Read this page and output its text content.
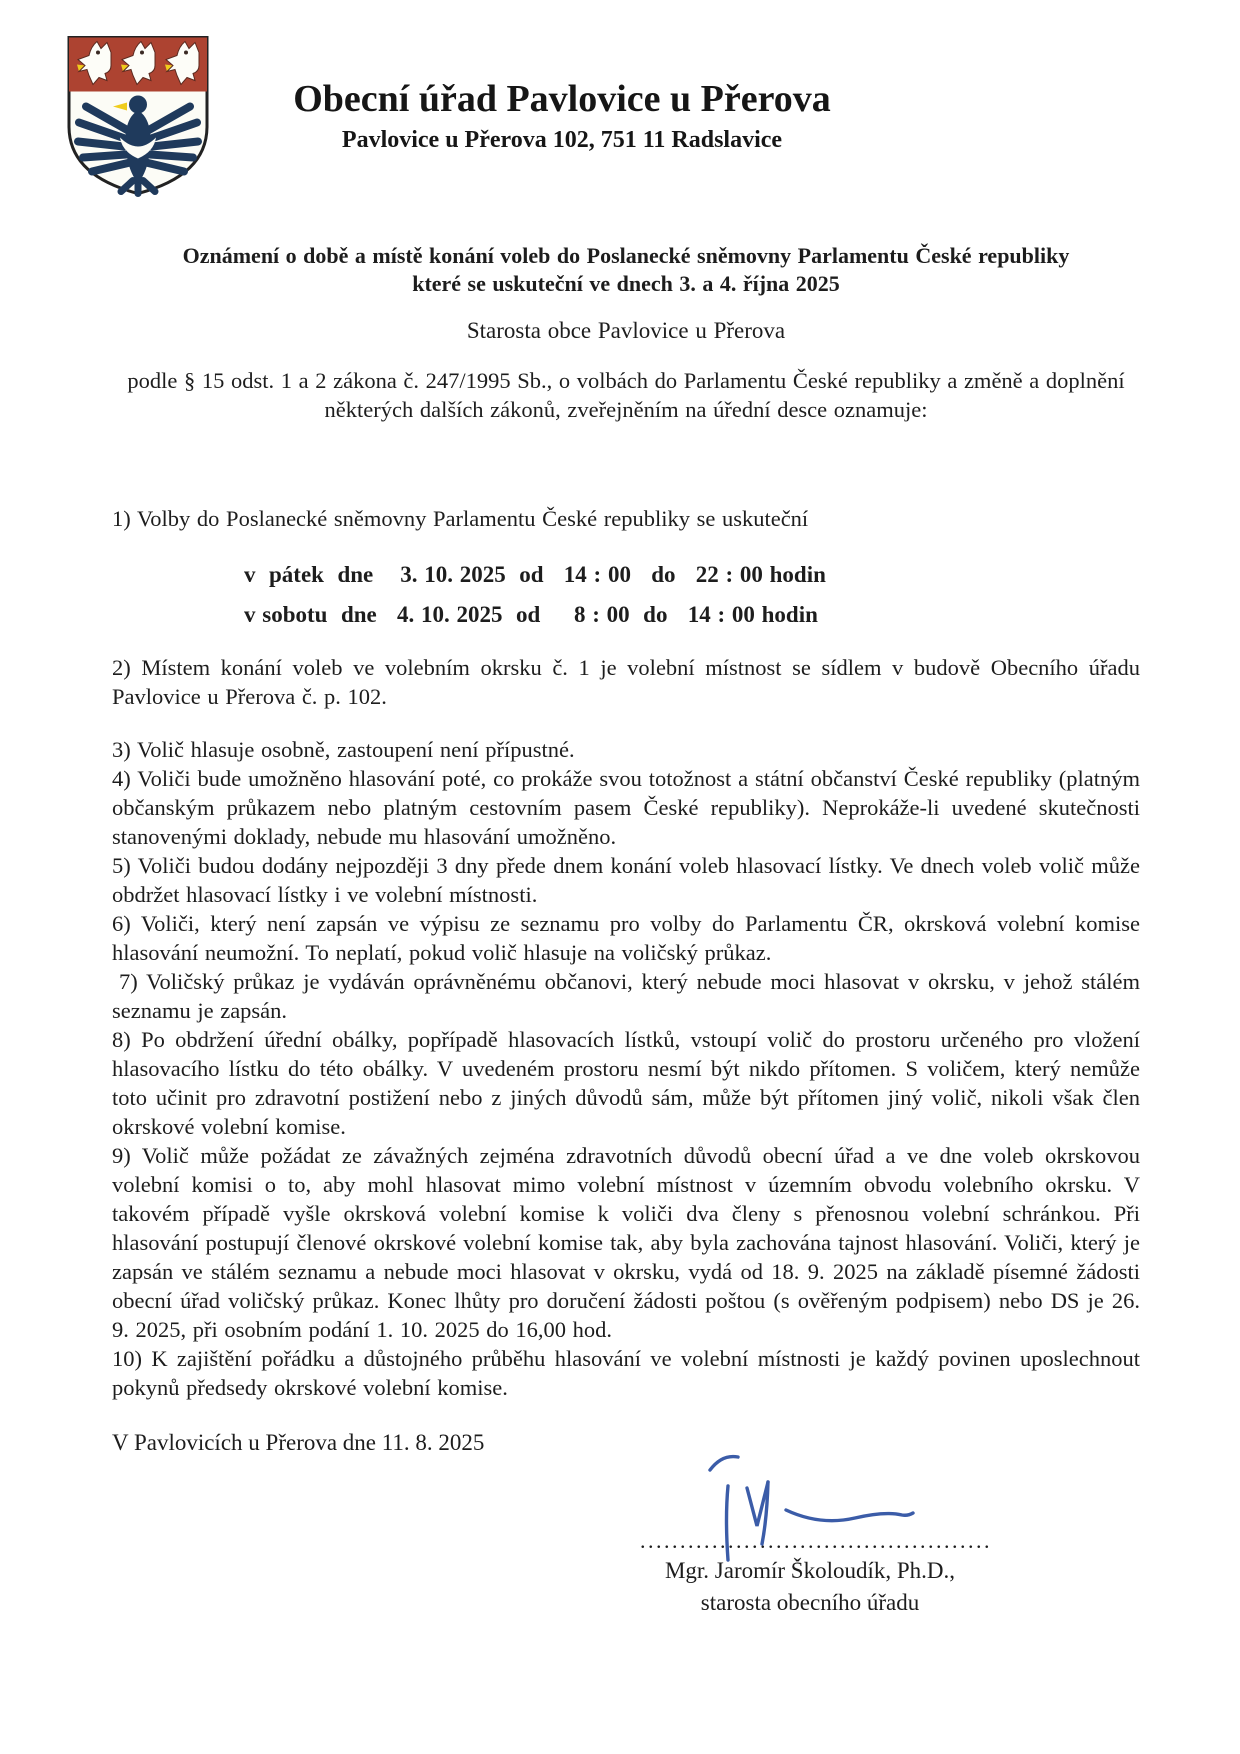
Obecní úřad Pavlovice u Přerova
Pavlovice u Přerova 102, 751 11 Radslavice
Oznámení o době a místě konání voleb do Poslanecké sněmovny Parlamentu České republiky
které se uskuteční ve dnech 3. a 4. října 2025
Starosta obce Pavlovice u Přerova
podle § 15 odst. 1 a 2 zákona č. 247/1995 Sb., o volbách do Parlamentu České republiky a změně a doplnění
některých dalších zákonů, zveřejněním na úřední desce oznamuje:

1) Volby do Poslanecké sněmovny Parlamentu České republiky se uskuteční

v  pátek  dne    3. 10. 2025  od   14 : 00   do   22 : 00 hodin
v sobotu  dne   4. 10. 2025  od     8 : 00  do   14 : 00 hodin

2) Místem konání voleb ve volebním okrsku č. 1 je volební místnost se sídlem v budově Obecního úřadu Pavlovice u Přerova č. p. 102.

3) Volič hlasuje osobně, zastoupení není přípustné.

4) Voliči bude umožněno hlasování poté, co prokáže svou totožnost a státní občanství České republiky (platným občanským průkazem nebo platným cestovním pasem České republiky). Neprokáže-li uvedené skutečnosti stanovenými doklady, nebude mu hlasování umožněno.

5) Voliči budou dodány nejpozději 3 dny přede dnem konání voleb hlasovací lístky. Ve dnech voleb volič může obdržet hlasovací lístky i ve volební místnosti.

6) Voliči, který není zapsán ve výpisu ze seznamu pro volby do Parlamentu ČR, okrsková volební komise hlasování neumožní. To neplatí, pokud volič hlasuje na voličský průkaz.

7) Voličský průkaz je vydáván oprávněnému občanovi, který nebude moci hlasovat v okrsku, v jehož stálém seznamu je zapsán.

8) Po obdržení úřední obálky, popřípadě hlasovacích lístků, vstoupí volič do prostoru určeného pro vložení hlasovacího lístku do této obálky. V uvedeném prostoru nesmí být nikdo přítomen. S voličem, který nemůže toto učinit pro zdravotní postižení nebo z jiných důvodů sám, může být přítomen jiný volič, nikoli však člen okrskové volební komise.

9) Volič může požádat ze závažných zejména zdravotních důvodů obecní úřad a ve dne voleb okrskovou volební komisi o to, aby mohl hlasovat mimo volební místnost v územním obvodu volebního okrsku. V takovém případě vyšle okrsková volební komise k voliči dva členy s přenosnou volební schránkou. Při hlasování postupují členové okrskové volební komise tak, aby byla zachována tajnost hlasování. Voliči, který je zapsán ve stálém seznamu a nebude moci hlasovat v okrsku, vydá od 18. 9. 2025 na základě písemné žádosti obecní úřad voličský průkaz. Konec lhůty pro doručení žádosti poštou (s ověřeným podpisem) nebo DS je 26. 9. 2025, při osobním podání 1. 10. 2025 do 16,00 hod.

10) K zajištění pořádku a důstojného průběhu hlasování ve volební místnosti je každý povinen uposlechnout pokynů předsedy okrskové volební komise.

V Pavlovicích u Přerova dne 11. 8. 2025
............................................
Mgr. Jaromír Školoudík, Ph.D.,
starosta obecního úřadu
